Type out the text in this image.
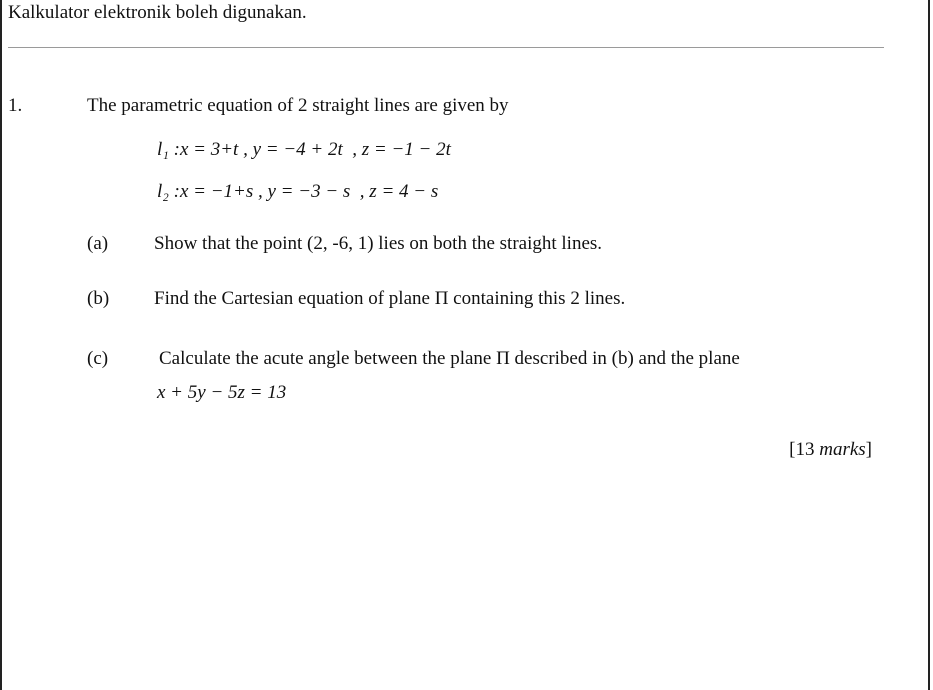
Kalkulator elektronik boleh digunakan.
1.	The parametric equation of 2 straight lines are given by
l₁ :x = 3+t , y = −4 + 2t  , z = −1 − 2t
l₂ :x = −1+s , y = −3 − s  , z = 4 − s
(a) Show that the point (2, -6, 1) lies on both the straight lines.
(b) Find the Cartesian equation of plane Π containing this 2 lines.
(c)	Calculate the acute angle between the plane Π described in (b) and the plane
x + 5y − 5z = 13
[13 marks]
